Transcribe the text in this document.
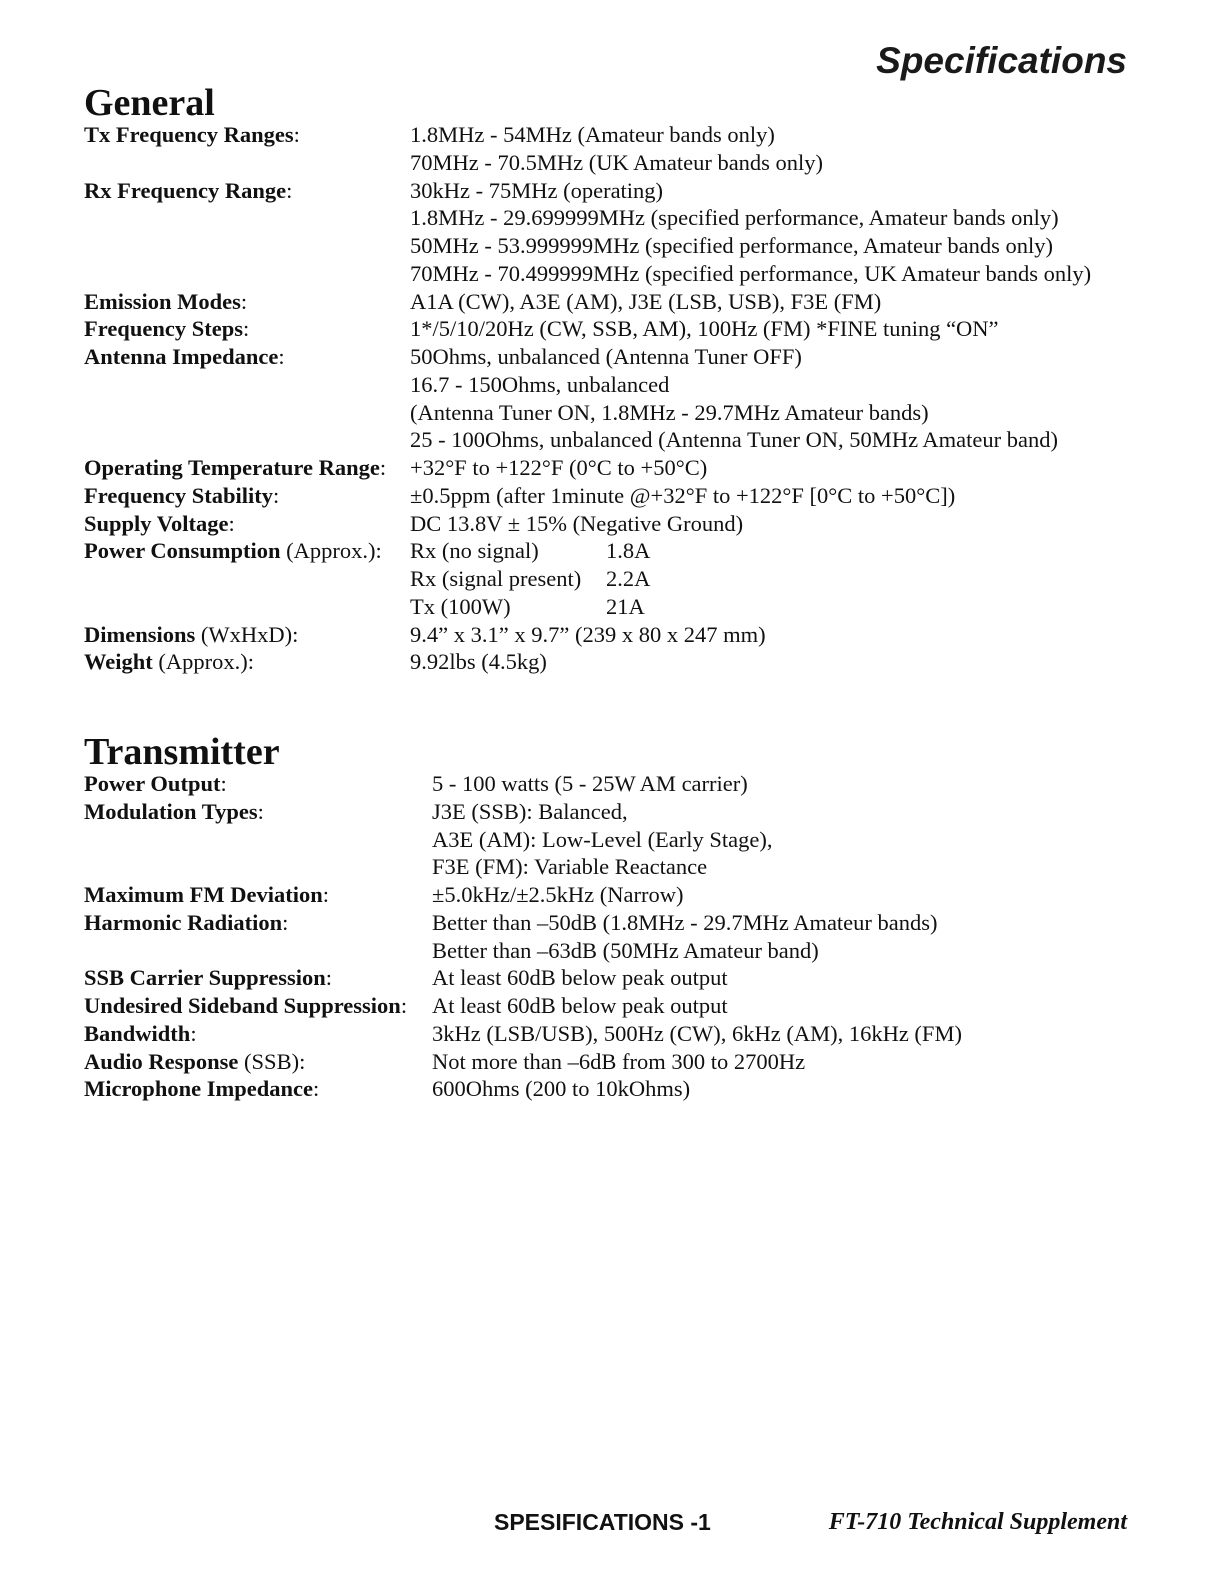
Specifications
General
Tx Frequency Ranges:	1.8MHz - 54MHz (Amateur bands only)
70MHz - 70.5MHz (UK Amateur bands only)
Rx Frequency Range:	30kHz - 75MHz (operating)
1.8MHz - 29.699999MHz (specified performance, Amateur bands only)
50MHz - 53.999999MHz (specified performance, Amateur bands only)
70MHz - 70.499999MHz (specified performance, UK Amateur bands only)
Emission Modes:	A1A (CW), A3E (AM), J3E (LSB, USB), F3E (FM)
Frequency Steps:	1*/5/10/20Hz (CW, SSB, AM), 100Hz (FM) *FINE tuning “ON”
Antenna Impedance:	50Ohms, unbalanced (Antenna Tuner OFF)
16.7 - 150Ohms, unbalanced
(Antenna Tuner ON, 1.8MHz - 29.7MHz Amateur bands)
25 - 100Ohms, unbalanced (Antenna Tuner ON, 50MHz Amateur band)
Operating Temperature Range:	+32°F to +122°F (0°C to +50°C)
Frequency Stability:	±0.5ppm (after 1minute @+32°F to +122°F [0°C to +50°C])
Supply Voltage:	DC 13.8V ± 15% (Negative Ground)
Power Consumption (Approx.):	Rx (no signal)	1.8A
Rx (signal present)	2.2A
Tx (100W)	21A
Dimensions (WxHxD):	9.4” x 3.1” x 9.7” (239 x 80 x 247 mm)
Weight (Approx.):	9.92lbs (4.5kg)
Transmitter
Power Output:	5 - 100 watts (5 - 25W AM carrier)
Modulation Types:	J3E (SSB): Balanced,
A3E (AM): Low-Level (Early Stage),
F3E (FM): Variable Reactance
Maximum FM Deviation:	±5.0kHz/±2.5kHz (Narrow)
Harmonic Radiation:	Better than –50dB (1.8MHz - 29.7MHz Amateur bands)
Better than –63dB (50MHz Amateur band)
SSB Carrier Suppression:	At least 60dB below peak output
Undesired Sideband Suppression:	At least 60dB below peak output
Bandwidth:	3kHz (LSB/USB), 500Hz (CW), 6kHz (AM), 16kHz (FM)
Audio Response (SSB):	Not more than –6dB from 300 to 2700Hz
Microphone Impedance:	600Ohms (200 to 10kOhms)
SPESIFICATIONS -1	FT-710 Technical Supplement
